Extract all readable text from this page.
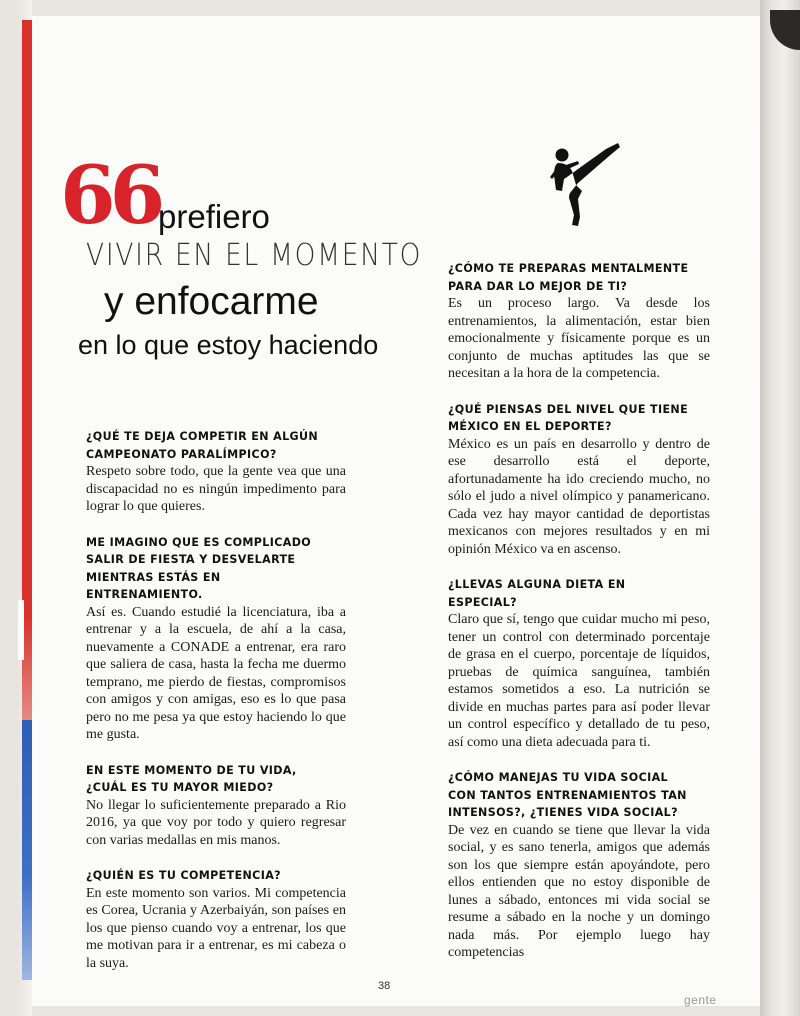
66
prefiero
VIVIR EN EL MOMENTO
y enfocarme
en lo que estoy haciendo

¿QUÉ TE DEJA COMPETIR EN ALGÚN CAMPEONATO PARALÍMPICO?

Respeto sobre todo, que la gente vea que una discapacidad no es ningún impedimento para lograr lo que quieres.

ME IMAGINO QUE ES COMPLICADO SALIR DE FIESTA Y DESVELARTE MIENTRAS ESTÁS EN ENTRENAMIENTO.

Así es. Cuando estudié la licenciatura, iba a entrenar y a la escuela, de ahí a la casa, nuevamente a CONADE a entrenar, era raro que saliera de casa, hasta la fecha me duermo temprano, me pierdo de fiestas, compromisos con amigos y con amigas, eso es lo que pasa pero no me pesa ya que estoy haciendo lo que me gusta.

EN ESTE MOMENTO DE TU VIDA, ¿CUÁL ES TU MAYOR MIEDO?

No llegar lo suficientemente preparado a Rio 2016, ya que voy por todo y quiero regresar con varias medallas en mis manos.

¿QUIÉN ES TU COMPETENCIA?

En este momento son varios. Mi competencia es Corea, Ucrania y Azerbaiyán, son países en los que pienso cuando voy a entrenar, los que me motivan para ir a entrenar, es mi cabeza o la suya.

¿CÓMO TE PREPARAS MENTALMENTE PARA DAR LO MEJOR DE TI?

Es un proceso largo. Va desde los entrenamientos, la alimentación, estar bien emocionalmente y físicamente porque es un conjunto de muchas aptitudes las que se necesitan a la hora de la competencia.

¿QUÉ PIENSAS DEL NIVEL QUE TIENE MÉXICO EN EL DEPORTE?

México es un país en desarrollo y dentro de ese desarrollo está el deporte, afortunadamente ha ido creciendo mucho, no sólo el judo a nivel olímpico y panamericano. Cada vez hay mayor cantidad de deportistas mexicanos con mejores resultados y en mi opinión México va en ascenso.

¿LLEVAS ALGUNA DIETA EN ESPECIAL?

Claro que sí, tengo que cuidar mucho mi peso, tener un control con determinado porcentaje de grasa en el cuerpo, porcentaje de líquidos, pruebas de química sanguínea, también estamos sometidos a eso. La nutrición se divide en muchas partes para así poder llevar un control específico y detallado de tu peso, así como una dieta adecuada para ti.

¿CÓMO MANEJAS TU VIDA SOCIAL CON TANTOS ENTRENAMIENTOS TAN INTENSOS?, ¿TIENES VIDA SOCIAL?

De vez en cuando se tiene que llevar la vida social, y es sano tenerla, amigos que además son los que siempre están apoyándote, pero ellos entienden que no estoy disponible de lunes a sábado, entonces mi vida social se resume a sábado en la noche y un domingo nada más. Por ejemplo luego hay competencias

38
gente
